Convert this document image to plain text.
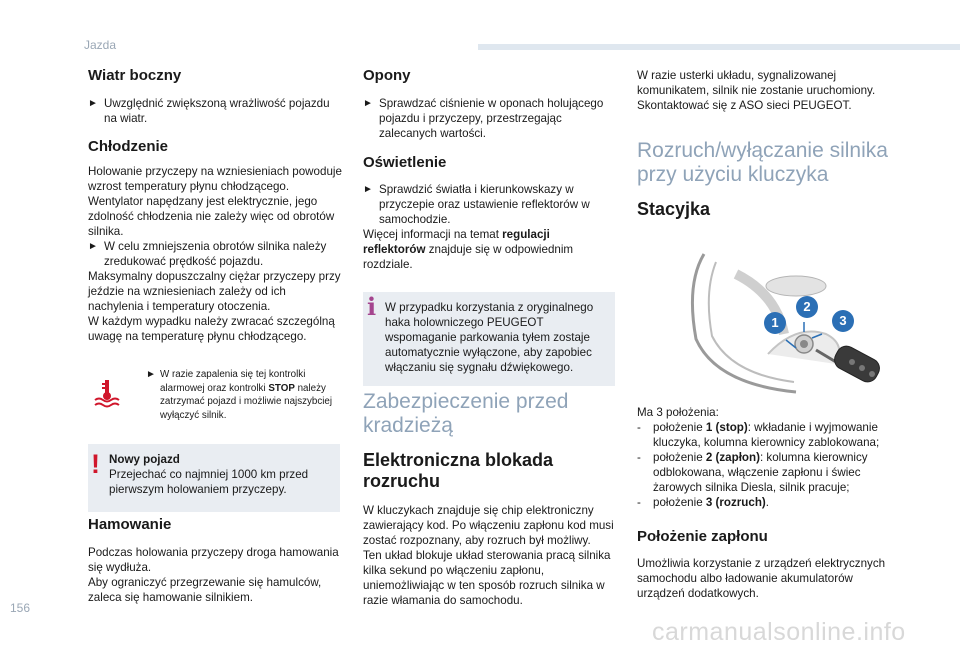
Jazda

Wiatr boczny

► Uwzględnić zwiększoną wrażliwość pojazdu na wiatr.

Chłodzenie

Holowanie przyczepy na wzniesieniach powoduje wzrost temperatury płynu chłodzącego.

Wentylator napędzany jest elektrycznie, jego zdolność chłodzenia nie zależy więc od obrotów silnika.

► W celu zmniejszenia obrotów silnika należy zredukować prędkość pojazdu.

Maksymalny dopuszczalny ciężar przyczepy przy jeździe na wzniesieniach zależy od ich nachylenia i temperatury otoczenia.

W każdym wypadku należy zwracać szczególną uwagę na temperaturę płynu chłodzącego.

► W razie zapalenia się tej kontrolki alarmowej oraz kontrolki STOP należy zatrzymać pojazd i możliwie najszybciej wyłączyć silnik.
! Nowy pojazd

Przejechać co najmniej 1000 km przed pierwszym holowaniem przyczepy.

Hamowanie

Podczas holowania przyczepy droga hamowania się wydłuża.

Aby ograniczyć przegrzewanie się hamulców, zaleca się hamowanie silnikiem.

Opony

► Sprawdzać ciśnienie w oponach holującego pojazdu i przyczepy, przestrzegając zalecanych wartości.

Oświetlenie

► Sprawdzić światła i kierunkowskazy w przyczepie oraz ustawienie reflektorów w samochodzie.

Więcej informacji na temat regulacji reflektorów znajduje się w odpowiednim rozdziale.

i W przypadku korzystania z oryginalnego haka holowniczego PEUGEOT wspomaganie parkowania tyłem zostaje automatycznie wyłączone, aby zapobiec włączaniu się sygnału dźwiękowego.

Zabezpieczenie przed kradzieżą

Elektroniczna blokada rozruchu

W kluczykach znajduje się chip elektroniczny zawierający kod. Po włączeniu zapłonu kod musi zostać rozpoznany, aby rozruch był możliwy.

Ten układ blokuje układ sterowania pracą silnika kilka sekund po włączeniu zapłonu, uniemożliwiając w ten sposób rozruch silnika w razie włamania do samochodu.

W razie usterki układu, sygnalizowanej komunikatem, silnik nie zostanie uruchomiony. Skontaktować się z ASO sieci PEUGEOT.

Rozruch/wyłączanie silnika przy użyciu kluczyka

Stacyjka

1
2
3

Ma 3 położenia:

-	położenie 1 (stop): wkładanie i wyjmowanie kluczyka, kolumna kierownicy zablokowana;
-	położenie 2 (zapłon): kolumna kierownicy odblokowana, włączenie zapłonu i świec żarowych silnika Diesla, silnik pracuje;
-	położenie 3 (rozruch).

Położenie zapłonu

Umożliwia korzystanie z urządzeń elektrycznych samochodu albo ładowanie akumulatorów urządzeń dodatkowych.

156
carmanualsonline.info
